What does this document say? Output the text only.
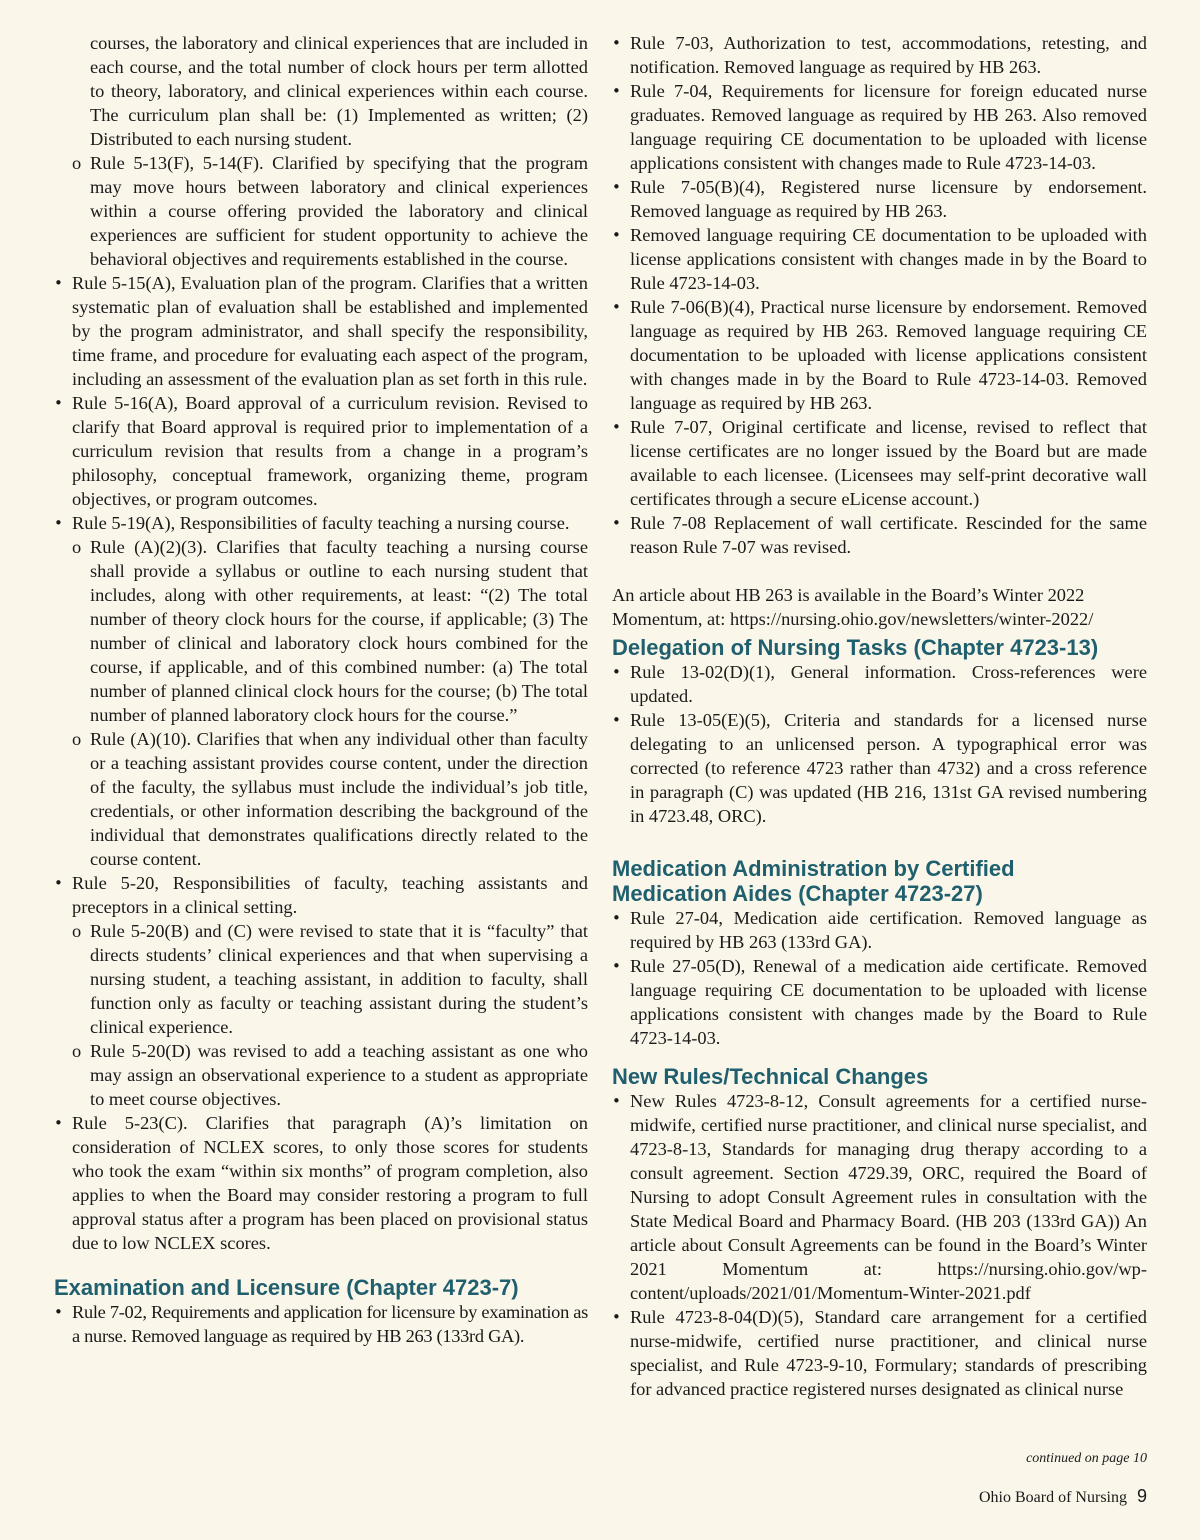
courses, the laboratory and clinical experiences that are included in each course, and the total number of clock hours per term allotted to theory, laboratory, and clinical experiences within each course. The curriculum plan shall be: (1) Implemented as written; (2) Distributed to each nursing student.

o Rule 5-13(F), 5-14(F). Clarified by specifying that the program may move hours between laboratory and clinical experiences within a course offering provided the laboratory and clinical experiences are sufficient for student opportunity to achieve the behavioral objectives and requirements established in the course.

• Rule 5-15(A), Evaluation plan of the program. Clarifies that a written systematic plan of evaluation shall be established and implemented by the program administrator, and shall specify the responsibility, time frame, and procedure for evaluating each aspect of the program, including an assessment of the evaluation plan as set forth in this rule.

• Rule 5-16(A), Board approval of a curriculum revision. Revised to clarify that Board approval is required prior to implementation of a curriculum revision that results from a change in a program’s philosophy, conceptual framework, organizing theme, program objectives, or program outcomes.

• Rule 5-19(A), Responsibilities of faculty teaching a nursing course.

o Rule (A)(2)(3). Clarifies that faculty teaching a nursing course shall provide a syllabus or outline to each nursing student that includes, along with other requirements, at least: “(2) The total number of theory clock hours for the course, if applicable; (3) The number of clinical and laboratory clock hours combined for the course, if applicable, and of this combined number: (a) The total number of planned clinical clock hours for the course; (b) The total number of planned laboratory clock hours for the course.”

o Rule (A)(10). Clarifies that when any individual other than faculty or a teaching assistant provides course content, under the direction of the faculty, the syllabus must include the individual’s job title, credentials, or other information describing the background of the individual that demonstrates qualifications directly related to the course content.

• Rule 5-20, Responsibilities of faculty, teaching assistants and preceptors in a clinical setting.

o Rule 5-20(B) and (C) were revised to state that it is “faculty” that directs students’ clinical experiences and that when supervising a nursing student, a teaching assistant, in addition to faculty, shall function only as faculty or teaching assistant during the student’s clinical experience.

o Rule 5-20(D) was revised to add a teaching assistant as one who may assign an observational experience to a student as appropriate to meet course objectives.

• Rule 5-23(C). Clarifies that paragraph (A)’s limitation on consideration of NCLEX scores, to only those scores for students who took the exam “within six months” of program completion, also applies to when the Board may consider restoring a program to full approval status after a program has been placed on provisional status due to low NCLEX scores.

Examination and Licensure (Chapter 4723-7)

• Rule 7-02, Requirements and application for licensure by examination as a nurse. Removed language as required by HB 263 (133rd GA).

• Rule 7-03, Authorization to test, accommodations, retesting, and notification. Removed language as required by HB 263.

• Rule 7-04, Requirements for licensure for foreign educated nurse graduates. Removed language as required by HB 263. Also removed language requiring CE documentation to be uploaded with license applications consistent with changes made to Rule 4723-14-03.

• Rule 7-05(B)(4), Registered nurse licensure by endorsement. Removed language as required by HB 263.

• Removed language requiring CE documentation to be uploaded with license applications consistent with changes made in by the Board to Rule 4723-14-03.

• Rule 7-06(B)(4), Practical nurse licensure by endorsement. Removed language as required by HB 263. Removed language requiring CE documentation to be uploaded with license applications consistent with changes made in by the Board to Rule 4723-14-03. Removed language as required by HB 263.

• Rule 7-07, Original certificate and license, revised to reflect that license certificates are no longer issued by the Board but are made available to each licensee. (Licensees may self-print decorative wall certificates through a secure eLicense account.)

• Rule 7-08 Replacement of wall certificate. Rescinded for the same reason Rule 7-07 was revised.

An article about HB 263 is available in the Board’s Winter 2022 Momentum, at: https://nursing.ohio.gov/newsletters/winter-2022/

Delegation of Nursing Tasks (Chapter 4723-13)

• Rule 13-02(D)(1), General information. Cross-references were updated.

• Rule 13-05(E)(5), Criteria and standards for a licensed nurse delegating to an unlicensed person. A typographical error was corrected (to reference 4723 rather than 4732) and a cross reference in paragraph (C) was updated (HB 216, 131st GA revised numbering in 4723.48, ORC).

Medication Administration by Certified
Medication Aides (Chapter 4723-27)

• Rule 27-04, Medication aide certification. Removed language as required by HB 263 (133rd GA).

• Rule 27-05(D), Renewal of a medication aide certificate. Removed language requiring CE documentation to be uploaded with license applications consistent with changes made by the Board to Rule 4723-14-03.

New Rules/Technical Changes

• New Rules 4723-8-12, Consult agreements for a certified nurse-midwife, certified nurse practitioner, and clinical nurse specialist, and 4723-8-13, Standards for managing drug therapy according to a consult agreement. Section 4729.39, ORC, required the Board of Nursing to adopt Consult Agreement rules in consultation with the State Medical Board and Pharmacy Board. (HB 203 (133rd GA)) An article about Consult Agreements can be found in the Board’s Winter 2021 Momentum at: https://nursing.ohio.gov/wp-content/uploads/2021/01/Momentum-Winter-2021.pdf

• Rule 4723-8-04(D)(5), Standard care arrangement for a certified nurse-midwife, certified nurse practitioner, and clinical nurse specialist, and Rule 4723-9-10, Formulary; standards of prescribing for advanced practice registered nurses designated as clinical nurse

continued on page 10
Ohio Board of Nursing 9
